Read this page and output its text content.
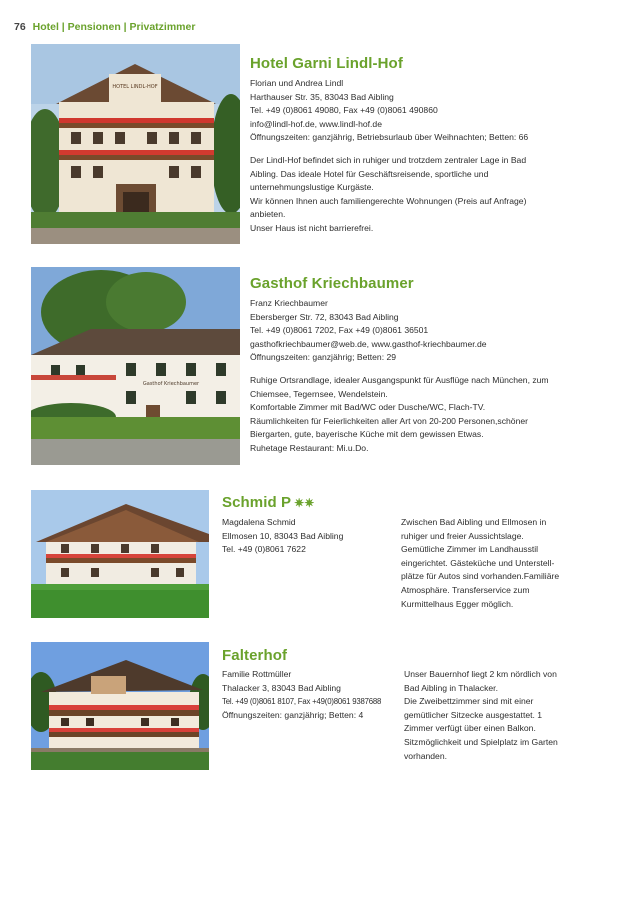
76 Hotel | Pensionen | Privatzimmer
HOTEL LINDL-HOF
Hotel Garni Lindl-Hof
Florian und Andrea Lindl
Harthauser Str. 35, 83043 Bad Aibling
Tel. +49 (0)8061 49080, Fax +49 (0)8061 490860
info@lindl-hof.de, www.lindl-hof.de
Öffnungszeiten: ganzjährig, Betriebsurlaub über Weihnachten; Betten: 66
Der Lindl-Hof befindet sich in ruhiger und trotzdem zentraler Lage in Bad
Aibling. Das ideale Hotel für Geschäftsreisende, sportliche und
unternehmungslustige Kurgäste.
Wir können Ihnen auch familiengerechte Wohnungen (Preis auf Anfrage)
anbieten.
Unser Haus ist nicht barrierefrei.
Gasthof Kriechbaumer
Gasthof Kriechbaumer
Franz Kriechbaumer
Ebersberger Str. 72, 83043 Bad Aibling
Tel. +49 (0)8061 7202, Fax +49 (0)8061 36501
gasthofkriechbaumer@web.de, www.gasthof-kriechbaumer.de
Öffnungszeiten: ganzjährig; Betten: 29
Ruhige Ortsrandlage, idealer Ausgangspunkt für Ausflüge nach München, zum
Chiemsee, Tegernsee, Wendelstein.
Komfortable Zimmer mit Bad/WC oder Dusche/WC, Flach-TV.
Räumlichkeiten für Feierlichkeiten aller Art von 20-200 Personen,schöner
Biergarten, gute, bayerische Küche mit dem gewissen Etwas.
Ruhetage Restaurant: Mi.u.Do.
Schmid P ✷✷
Magdalena Schmid
Ellmosen 10, 83043 Bad Aibling
Tel. +49 (0)8061 7622
Zwischen Bad Aibling und Ellmosen in
ruhiger und freier Aussichtslage.
Gemütliche Zimmer im Landhausstil
eingerichtet. Gästeküche und Unterstell-
plätze für Autos sind vorhanden.Familiäre
Atmosphäre. Transferservice zum
Kurmittelhaus Egger möglich.
Falterhof
Familie Rottmüller
Thalacker 3, 83043 Bad Aibling
Tel. +49 (0)8061 8107, Fax +49(0)8061 9387688
Öffnungszeiten: ganzjährig; Betten: 4
Unser Bauernhof liegt 2 km nördlich von
Bad Aibling in Thalacker.
Die Zweibettzimmer sind mit einer
gemütlicher Sitzecke ausgestattet. 1
Zimmer verfügt über einen Balkon.
Sitzmöglichkeit und Spielplatz im Garten
vorhanden.
